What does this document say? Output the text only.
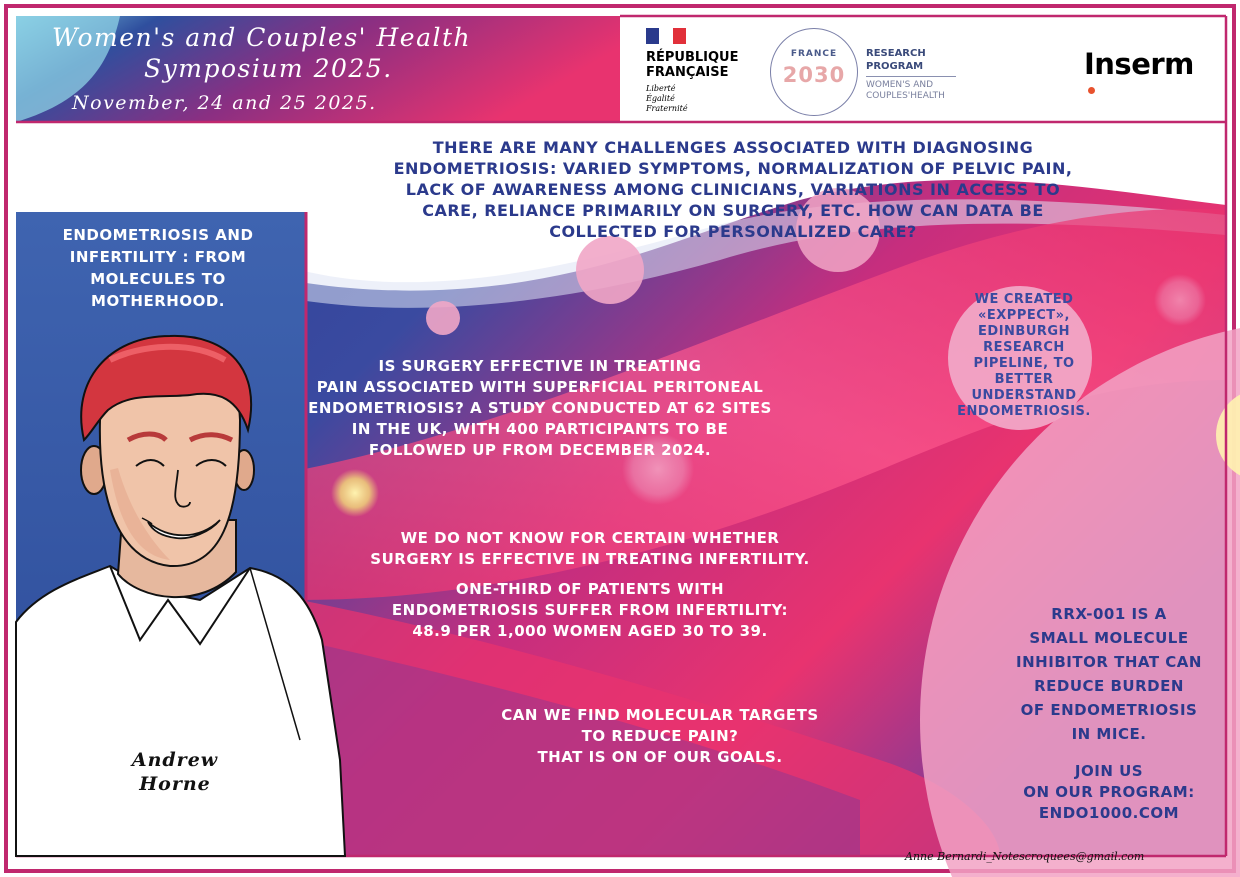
Women's and Couples' Health
Symposium 2025.

November, 24 and 25 2025.

RÉPUBLIQUE
FRANÇAISE
Liberté
Égalité
Fraternité
FRANCE
2030
RESEARCH
PROGRAM
WOMEN'S AND
COUPLES'HEALTH
Inserm
ENDOMETRIOSIS AND
INFERTILITY : FROM
MOLECULES TO
MOTHERHOOD.
Andrew
Horne
THERE ARE MANY CHALLENGES ASSOCIATED WITH DIAGNOSING
ENDOMETRIOSIS: VARIED SYMPTOMS, NORMALIZATION OF PELVIC PAIN,
LACK OF AWARENESS AMONG CLINICIANS, VARIATIONS IN ACCESS TO
CARE, RELIANCE PRIMARILY ON SURGERY, ETC. HOW CAN DATA BE
COLLECTED FOR PERSONALIZED CARE?
WE CREATED
«EXPPECT»,
EDINBURGH
RESEARCH
PIPELINE, TO
BETTER
UNDERSTAND
ENDOMETRIOSIS.
IS SURGERY EFFECTIVE IN TREATING
PAIN ASSOCIATED WITH SUPERFICIAL PERITONEAL
ENDOMETRIOSIS? A STUDY CONDUCTED AT 62 SITES
IN THE UK, WITH 400 PARTICIPANTS TO BE
FOLLOWED UP FROM DECEMBER 2024.
WE DO NOT KNOW FOR CERTAIN WHETHER
SURGERY IS EFFECTIVE IN TREATING INFERTILITY.
ONE-THIRD OF PATIENTS WITH
ENDOMETRIOSIS SUFFER FROM INFERTILITY:
48.9 PER 1,000 WOMEN AGED 30 TO 39.
CAN WE FIND MOLECULAR TARGETS
TO REDUCE PAIN?
THAT IS ON OF OUR GOALS.
RRX-001 IS A
SMALL MOLECULE
INHIBITOR THAT CAN
REDUCE BURDEN
OF ENDOMETRIOSIS
IN MICE.
JOIN US
ON OUR PROGRAM:
ENDO1000.COM

Anne Bernardi_Notescroquees@gmail.com
